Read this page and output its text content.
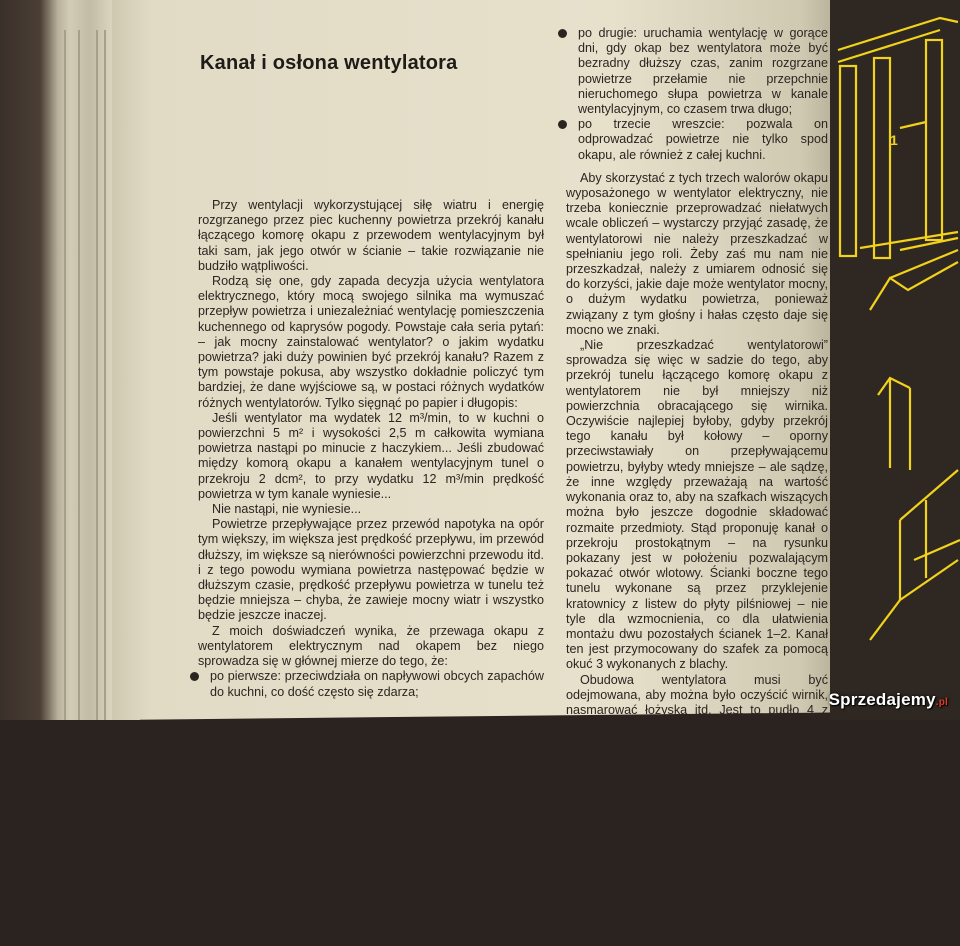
Kanał i osłona wentylatora

Przy wentylacji wykorzystującej siłę wiatru i energię rozgrzanego przez piec kuchenny powietrza przekrój kanału łączącego komorę okapu z przewodem wentylacyjnym był taki sam, jak jego otwór w ścianie – takie rozwiązanie nie budziło wątpliwości.

Rodzą się one, gdy zapada decyzja użycia wentylatora elektrycznego, który mocą swojego silnika ma wymuszać przepływ powietrza i uniezależniać wentylację pomieszczenia kuchennego od kaprysów pogody. Powstaje cała seria pytań: – jak mocny zainstalować wentylator? o jakim wydatku powietrza? jaki duży powinien być przekrój kanału? Razem z tym powstaje pokusa, aby wszystko dokładnie policzyć tym bardziej, że dane wyjściowe są, w postaci różnych wydatków różnych wentylatorów. Tylko sięgnąć po papier i długopis:

Jeśli wentylator ma wydatek 12 m³/min, to w kuchni o powierzchni 5 m² i wysokości 2,5 m całkowita wymiana powietrza nastąpi po minucie z haczykiem... Jeśli zbudować między komorą okapu a kanałem wentylacyjnym tunel o przekroju 2 dcm², to przy wydatku 12 m³/min prędkość powietrza w tym kanale wyniesie...

Nie nastąpi, nie wyniesie...

Powietrze przepływające przez przewód napotyka na opór tym większy, im większa jest prędkość przepływu, im przewód dłuższy, im większe są nierówności powierzchni przewodu itd. i z tego powodu wymiana powietrza następować będzie w dłuższym czasie, prędkość przepływu powietrza w tunelu też będzie mniejsza – chyba, że zawieje mocny wiatr i wszystko będzie jeszcze inaczej.

Z moich doświadczeń wynika, że przewaga okapu z wentylatorem elektrycznym nad okapem bez niego sprowadza się w głównej mierze do tego, że:

po pierwsze: przeciwdziała on napływowi obcych zapachów do kuchni, co dość często się zdarza;

po drugie: uruchamia wentylację w gorące dni, gdy okap bez wentylatora może być bezradny dłuższy czas, zanim rozgrzane powietrze przełamie nie przepchnie nieruchomego słupa powietrza w kanale wentylacyjnym, co czasem trwa długo;

po trzecie wreszcie: pozwala on odprowadzać powietrze nie tylko spod okapu, ale również z całej kuchni.

Aby skorzystać z tych trzech walorów okapu wyposażonego w wentylator elektryczny, nie trzeba koniecznie przeprowadzać niełatwych wcale obliczeń – wystarczy przyjąć zasadę, że wentylatorowi nie należy przeszkadzać w spełnianiu jego roli. Żeby zaś mu nam nie przeszkadzał, należy z umiarem odnosić się do korzyści, jakie daje może wentylator mocny, o dużym wydatku powietrza, ponieważ związany z tym głośny i hałas często daje się mocno we znaki.

„Nie przeszkadzać wentylatorowi” sprowadza się więc w sadzie do tego, aby przekrój tunelu łączącego komorę okapu z wentylatorem nie był mniejszy niż powierzchnia obracającego się wirnika. Oczywiście najlepiej byłoby, gdyby przekrój tego kanału był kołowy – oporny przeciwstawiały on przepływającemu powietrzu, byłyby wtedy mniejsze – ale sądzę, że inne względy przeważają na wartość wykonania oraz to, aby na szafkach wiszących można było jeszcze dogodnie składować rozmaite przedmioty. Stąd proponuję kanał o przekroju prostokątnym – na rysunku pokazany jest w położeniu pozwalającym pokazać otwór wlotowy. Ścianki boczne tego tunelu wykonane są przez przyklejenie kratownicy z listew do płyty pilśniowej – nie tyle dla wzmocnienia, co dla ułatwienia montażu dwu pozostałych ścianek 1–2. Kanał ten jest przymocowany do szafek za pomocą okuć 3 wykonanych z blachy.

Obudowa wentylatora musi być odejmowana, aby można było oczyścić wirnik, nasmarować łożyska itd. Jest to pudło 4 z listew i płyt pilśniowych, bez jednej ściany, przykręcane tą stroną dostawione jest do muru w miejscu zabudowy wentylatora. Osłona ma dwa otwór 5 do połączenia jej z tunelem oraz mały otwór 6 z klapką, przez którą odsysane jest powietrze spod sufitu kuchni.

Klapka 7 wykonana jest z cienkiej płyty pilśniowej, do której przyklejona jest rurka aluminiowa. Oś obrotu klapki przetknięta jest przez listwy osłony i sklejona z rurką. Krótki przewód plastykowy 8 łączy oś klapki z mechanizmem zmieniającym jej położenie.

Wszystkie szczeliny między tunelem a osłoną oraz osłoną a ścianą należy zatkać Autokitem.

1
Sprzedajemy.pl
